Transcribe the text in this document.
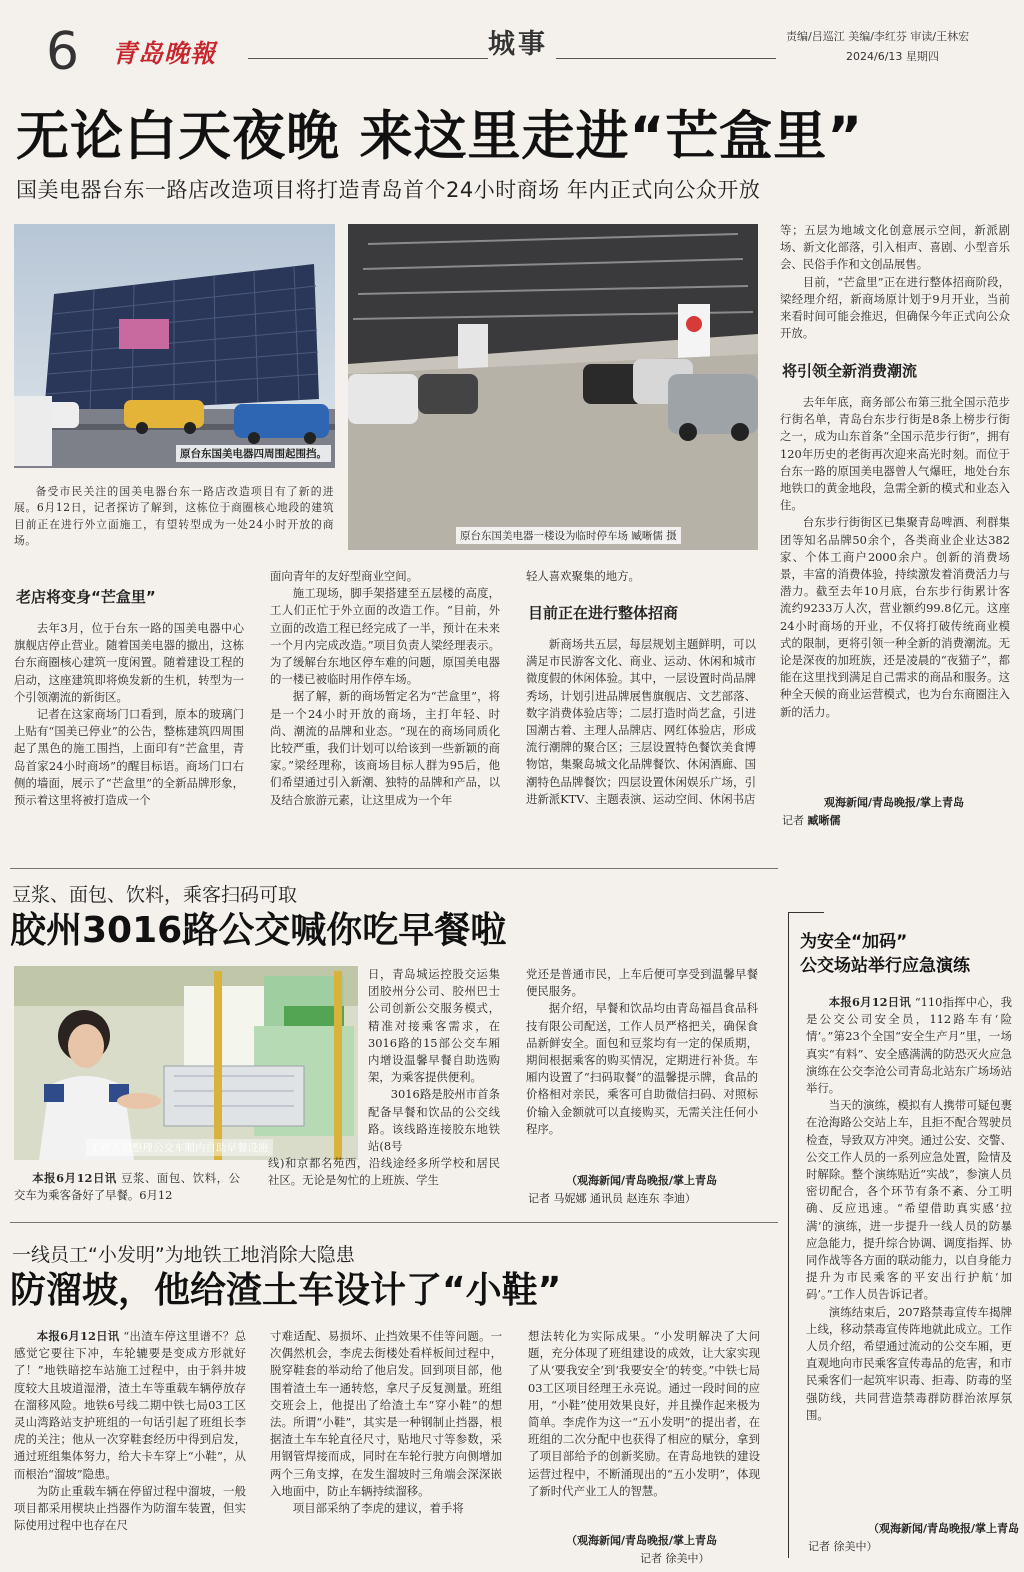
6 青岛晚報	城事	责编/吕巡江 美编/李红芬 审读/王林宏
2024/6/13 星期四
无论白天夜晚 来这里走进“芒盒里”
国美电器台东一路店改造项目将打造青岛首个24小时商场 年内正式向公众开放
原台东国美电器四周围起围挡。
原台东国美电器一楼设为临时停车场 臧晰儒 摄

备受市民关注的国美电器台东一路店改造项目有了新的进展。6月12日，记者探访了解到，这栋位于商圈核心地段的建筑目前正在进行外立面施工，有望转型成为一处24小时开放的商场。

老店将变身“芒盒里”

去年3月，位于台东一路的国美电器中心旗舰店停止营业。随着国美电器的撤出，这栋台东商圈核心建筑一度闲置。随着建设工程的启动，这座建筑即将焕发新的生机，转型为一个引领潮流的新街区。

记者在这家商场门口看到，原本的玻璃门上贴有“国美已停业”的公告，整栋建筑四周围起了黑色的施工围挡，上面印有“芒盒里，青岛首家24小时商场”的醒目标语。商场门口右侧的墙面，展示了“芒盒里”的全新品牌形象，预示着这里将被打造成一个

面向青年的友好型商业空间。

施工现场，脚手架搭建至五层楼的高度，工人们正忙于外立面的改造工作。“目前，外立面的改造工程已经完成了一半，预计在未来一个月内完成改造。”项目负责人梁经理表示。为了缓解台东地区停车难的问题，原国美电器的一楼已被临时用作停车场。

据了解，新的商场暂定名为“芒盒里”，将是一个24小时开放的商场，主打年轻、时尚、潮流的品牌和业态。“现在的商场同质化比较严重，我们计划可以给该到一些新颖的商家。”梁经理称，该商场目标人群为95后，他们希望通过引入新潮、独特的品牌和产品，以及结合旅游元素，让这里成为一个年

轻人喜欢聚集的地方。

目前正在进行整体招商

新商场共五层，每层规划主题鲜明，可以满足市民游客文化、商业、运动、休闲和城市微度假的休闲体验。其中，一层设置时尚品牌秀场，计划引进品牌展售旗舰店、文艺部落、数字消费体验店等；二层打造时尚艺盒，引进国潮古着、主理人品牌店、网红体验店，形成流行潮牌的聚合区；三层设置特色餐饮美食博物馆，集聚岛城文化品牌餐饮、休闲酒廊、国潮特色品牌餐饮；四层设置休闲娱乐广场，引进新派KTV、主题表演、运动空间、休闲书店

等；五层为地域文化创意展示空间，新派剧场、新文化部落，引入相声、喜剧、小型音乐会、民俗手作和文创品展售。

目前，“芒盒里”正在进行整体招商阶段，梁经理介绍，新商场原计划于9月开业，当前来看时间可能会推迟，但确保今年正式向公众开放。

将引领全新消费潮流

去年年底，商务部公布第三批全国示范步行街名单，青岛台东步行街是8条上榜步行街之一，成为山东首条“全国示范步行街”，拥有120年历史的老街再次迎来高光时刻。而位于台东一路的原国美电器曾人气爆旺，地处台东地铁口的黄金地段，急需全新的模式和业态入住。

台东步行街街区已集聚青岛啤酒、利群集团等知名品牌50余个，各类商业企业达382家、个体工商户2000余户。创新的消费场景，丰富的消费体验，持续激发着消费活力与潜力。截至去年10月底，台东步行街累计客流约9233万人次，营业额约99.8亿元。这座24小时商场的开业，不仅将打破传统商业模式的限制，更将引领一种全新的消费潮流。无论是深夜的加班族，还是凌晨的“夜猫子”，都能在这里找到满足自己需求的商品和服务。这种全天候的商业运营模式，也为台东商圈注入新的活力。

观海新闻/青岛晚报/掌上青岛
记者 臧晰儒
豆浆、面包、饮料，乘客扫码可取
胶州3016路公交喊你吃早餐啦
工作人员整理公交车厢内自助早餐设施

本报6月12日讯 豆浆、面包、饮料，公交车为乘客备好了早餐。6月12

日，青岛城运控股交运集团胶州分公司、胶州巴士公司创新公交服务模式，精准对接乘客需求，在3016路的15部公交车厢内增设温馨早餐自助选购架，为乘客提供便利。

3016路是胶州市首条配备早餐和饮品的公交线路。该线路连接胶东地铁站(8号

线)和京都名苑西，沿线途经多所学校和居民社区。无论是匆忙的上班族、学生

党还是普通市民，上车后便可享受到温馨早餐便民服务。

据介绍，早餐和饮品均由青岛福昌食品科技有限公司配送，工作人员严格把关，确保食品新鲜安全。面包和豆浆均有一定的保质期，期间根据乘客的购买情况，定期进行补货。车厢内设置了“扫码取餐”的温馨提示牌，食品的价格相对亲民，乘客可自助微信扫码、对照标价输入金额就可以直接购买，无需关注任何小程序。

（观海新闻/青岛晚报/掌上青岛
记者 马妮娜 通讯员 赵连东 李迪）
为安全“加码”
公交场站举行应急演练

本报6月12日讯 “110指挥中心，我是公交公司安全员，112路车有‘险情’。”第23个全国“安全生产月”里，一场真实“有料”、安全感满满的防恐灭火应急演练在公交李沧公司青岛北站东广场场站举行。

当天的演练，模拟有人携带可疑包裹在沧海路公交站上车，且拒不配合驾驶员检查，导致双方冲突。通过公安、交警、公交工作人员的一系列应急处置，险情及时解除。整个演练贴近“实战”，参演人员密切配合，各个环节有条不紊、分工明确、反应迅速。“希望借助真实感‘拉满’的演练，进一步提升一线人员的防暴应急能力，提升综合协调、调度指挥、协同作战等各方面的联动能力，以自身能力提升为市民乘客的平安出行护航‘加码’。”工作人员告诉记者。

演练结束后，207路禁毒宣传车揭牌上线，移动禁毒宣传阵地就此成立。工作人员介绍，希望通过流动的公交车厢，更直观地向市民乘客宣传毒品的危害，和市民乘客们一起筑牢识毒、拒毒、防毒的坚强防线，共同营造禁毒群防群治浓厚氛围。

（观海新闻/青岛晚报/掌上青岛
记者 徐美中）
一线员工“小发明”为地铁工地消除大隐患
防溜坡，他给渣土车设计了“小鞋”

本报6月12日讯 “出渣车停这里谱不？总感觉它要往下冲，车轮辘要是变成方形就好了！”地铁暗挖车站施工过程中，由于斜井坡度较大且坡道湿滑，渣土车等重载车辆停放存在溜移风险。地铁6号线二期中铁七局03工区灵山湾路站支护班组的一句话引起了班组长李虎的关注；他从一次穿鞋套经历中得到启发，通过班组集体努力，给大卡车穿上“小鞋”，从而根治“溜坡”隐患。

为防止重载车辆在停留过程中溜坡，一般项目都采用楔块止挡器作为防溜车装置，但实际使用过程中也存在尺

寸难适配、易损坏、止挡效果不佳等问题。一次偶然机会，李虎去街楼处看样板间过程中，脱穿鞋套的举动给了他启发。回到项目部，他围着渣土车一通转悠，拿尺子反复测量。班组交班会上，他提出了给渣土车“穿小鞋”的想法。所谓“小鞋”，其实是一种钢制止挡器，根据渣土车车轮直径尺寸，贴地尺寸等参数，采用钢管焊接而成，同时在车轮行驶方向侧增加两个三角支撑，在发生溜坡时三角端会深深嵌入地面中，防止车辆持续溜移。

项目部采纳了李虎的建议，着手将

想法转化为实际成果。“小发明解决了大问题，充分体现了班组建设的成效，让大家实现了从‘要我安全’到‘我要安全’的转变。”中铁七局03工区项目经理王永亮说。通过一段时间的应用，“小鞋”使用效果良好，并且操作起来极为简单。李虎作为这一“五小发明”的提出者，在班组的二次分配中也获得了相应的赋分，拿到了项目部给予的创新奖励。在青岛地铁的建设运营过程中，不断涌现出的“五小发明”，体现了新时代产业工人的智慧。

（观海新闻/青岛晚报/掌上青岛
记者 徐美中）
